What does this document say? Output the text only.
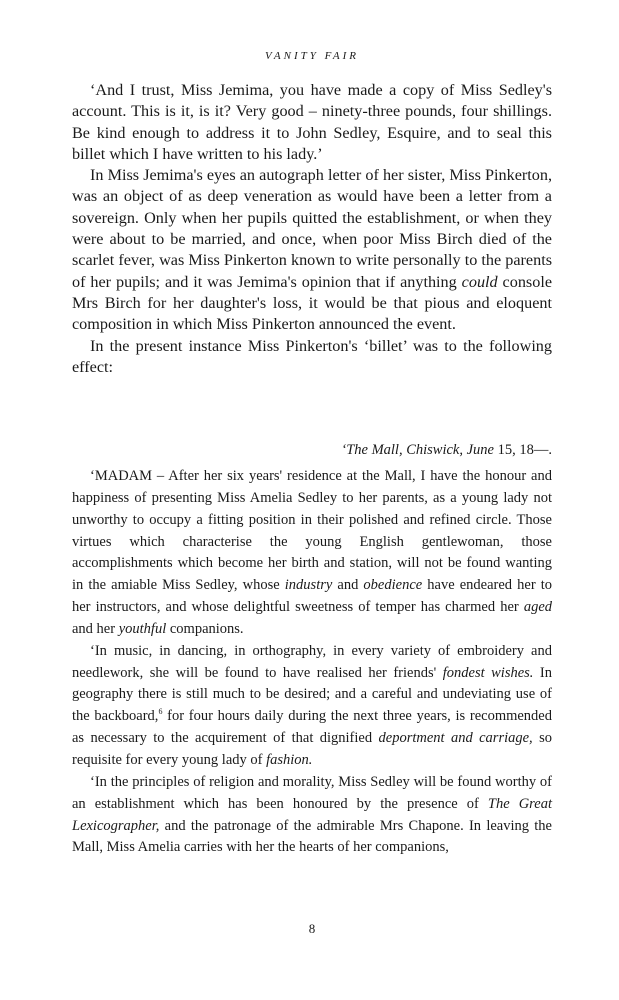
VANITY FAIR

‘And I trust, Miss Jemima, you have made a copy of Miss Sedley's account. This is it, is it? Very good – ninety-three pounds, four shillings. Be kind enough to address it to John Sedley, Esquire, and to seal this billet which I have written to his lady.’

In Miss Jemima's eyes an autograph letter of her sister, Miss Pinkerton, was an object of as deep veneration as would have been a letter from a sovereign. Only when her pupils quitted the establishment, or when they were about to be married, and once, when poor Miss Birch died of the scarlet fever, was Miss Pinkerton known to write personally to the parents of her pupils; and it was Jemima's opinion that if anything could console Mrs Birch for her daughter's loss, it would be that pious and eloquent composition in which Miss Pinkerton announced the event.

In the present instance Miss Pinkerton's ‘billet’ was to the following effect:

‘The Mall, Chiswick, June 15, 18—.

‘MADAM – After her six years' residence at the Mall, I have the honour and happiness of presenting Miss Amelia Sedley to her parents, as a young lady not unworthy to occupy a fitting position in their polished and refined circle. Those virtues which characterise the young English gentlewoman, those accomplishments which become her birth and station, will not be found wanting in the amiable Miss Sedley, whose industry and obedience have endeared her to her instructors, and whose delightful sweetness of temper has charmed her aged and her youthful companions.

‘In music, in dancing, in orthography, in every variety of embroidery and needlework, she will be found to have realised her friends' fondest wishes. In geography there is still much to be desired; and a careful and undeviating use of the backboard,$^6$ for four hours daily during the next three years, is recommended as necessary to the acquirement of that dignified deportment and carriage, so requisite for every young lady of fashion.

‘In the principles of religion and morality, Miss Sedley will be found worthy of an establishment which has been honoured by the presence of The Great Lexicographer, and the patronage of the admirable Mrs Chapone. In leaving the Mall, Miss Amelia carries with her the hearts of her companions,

8
